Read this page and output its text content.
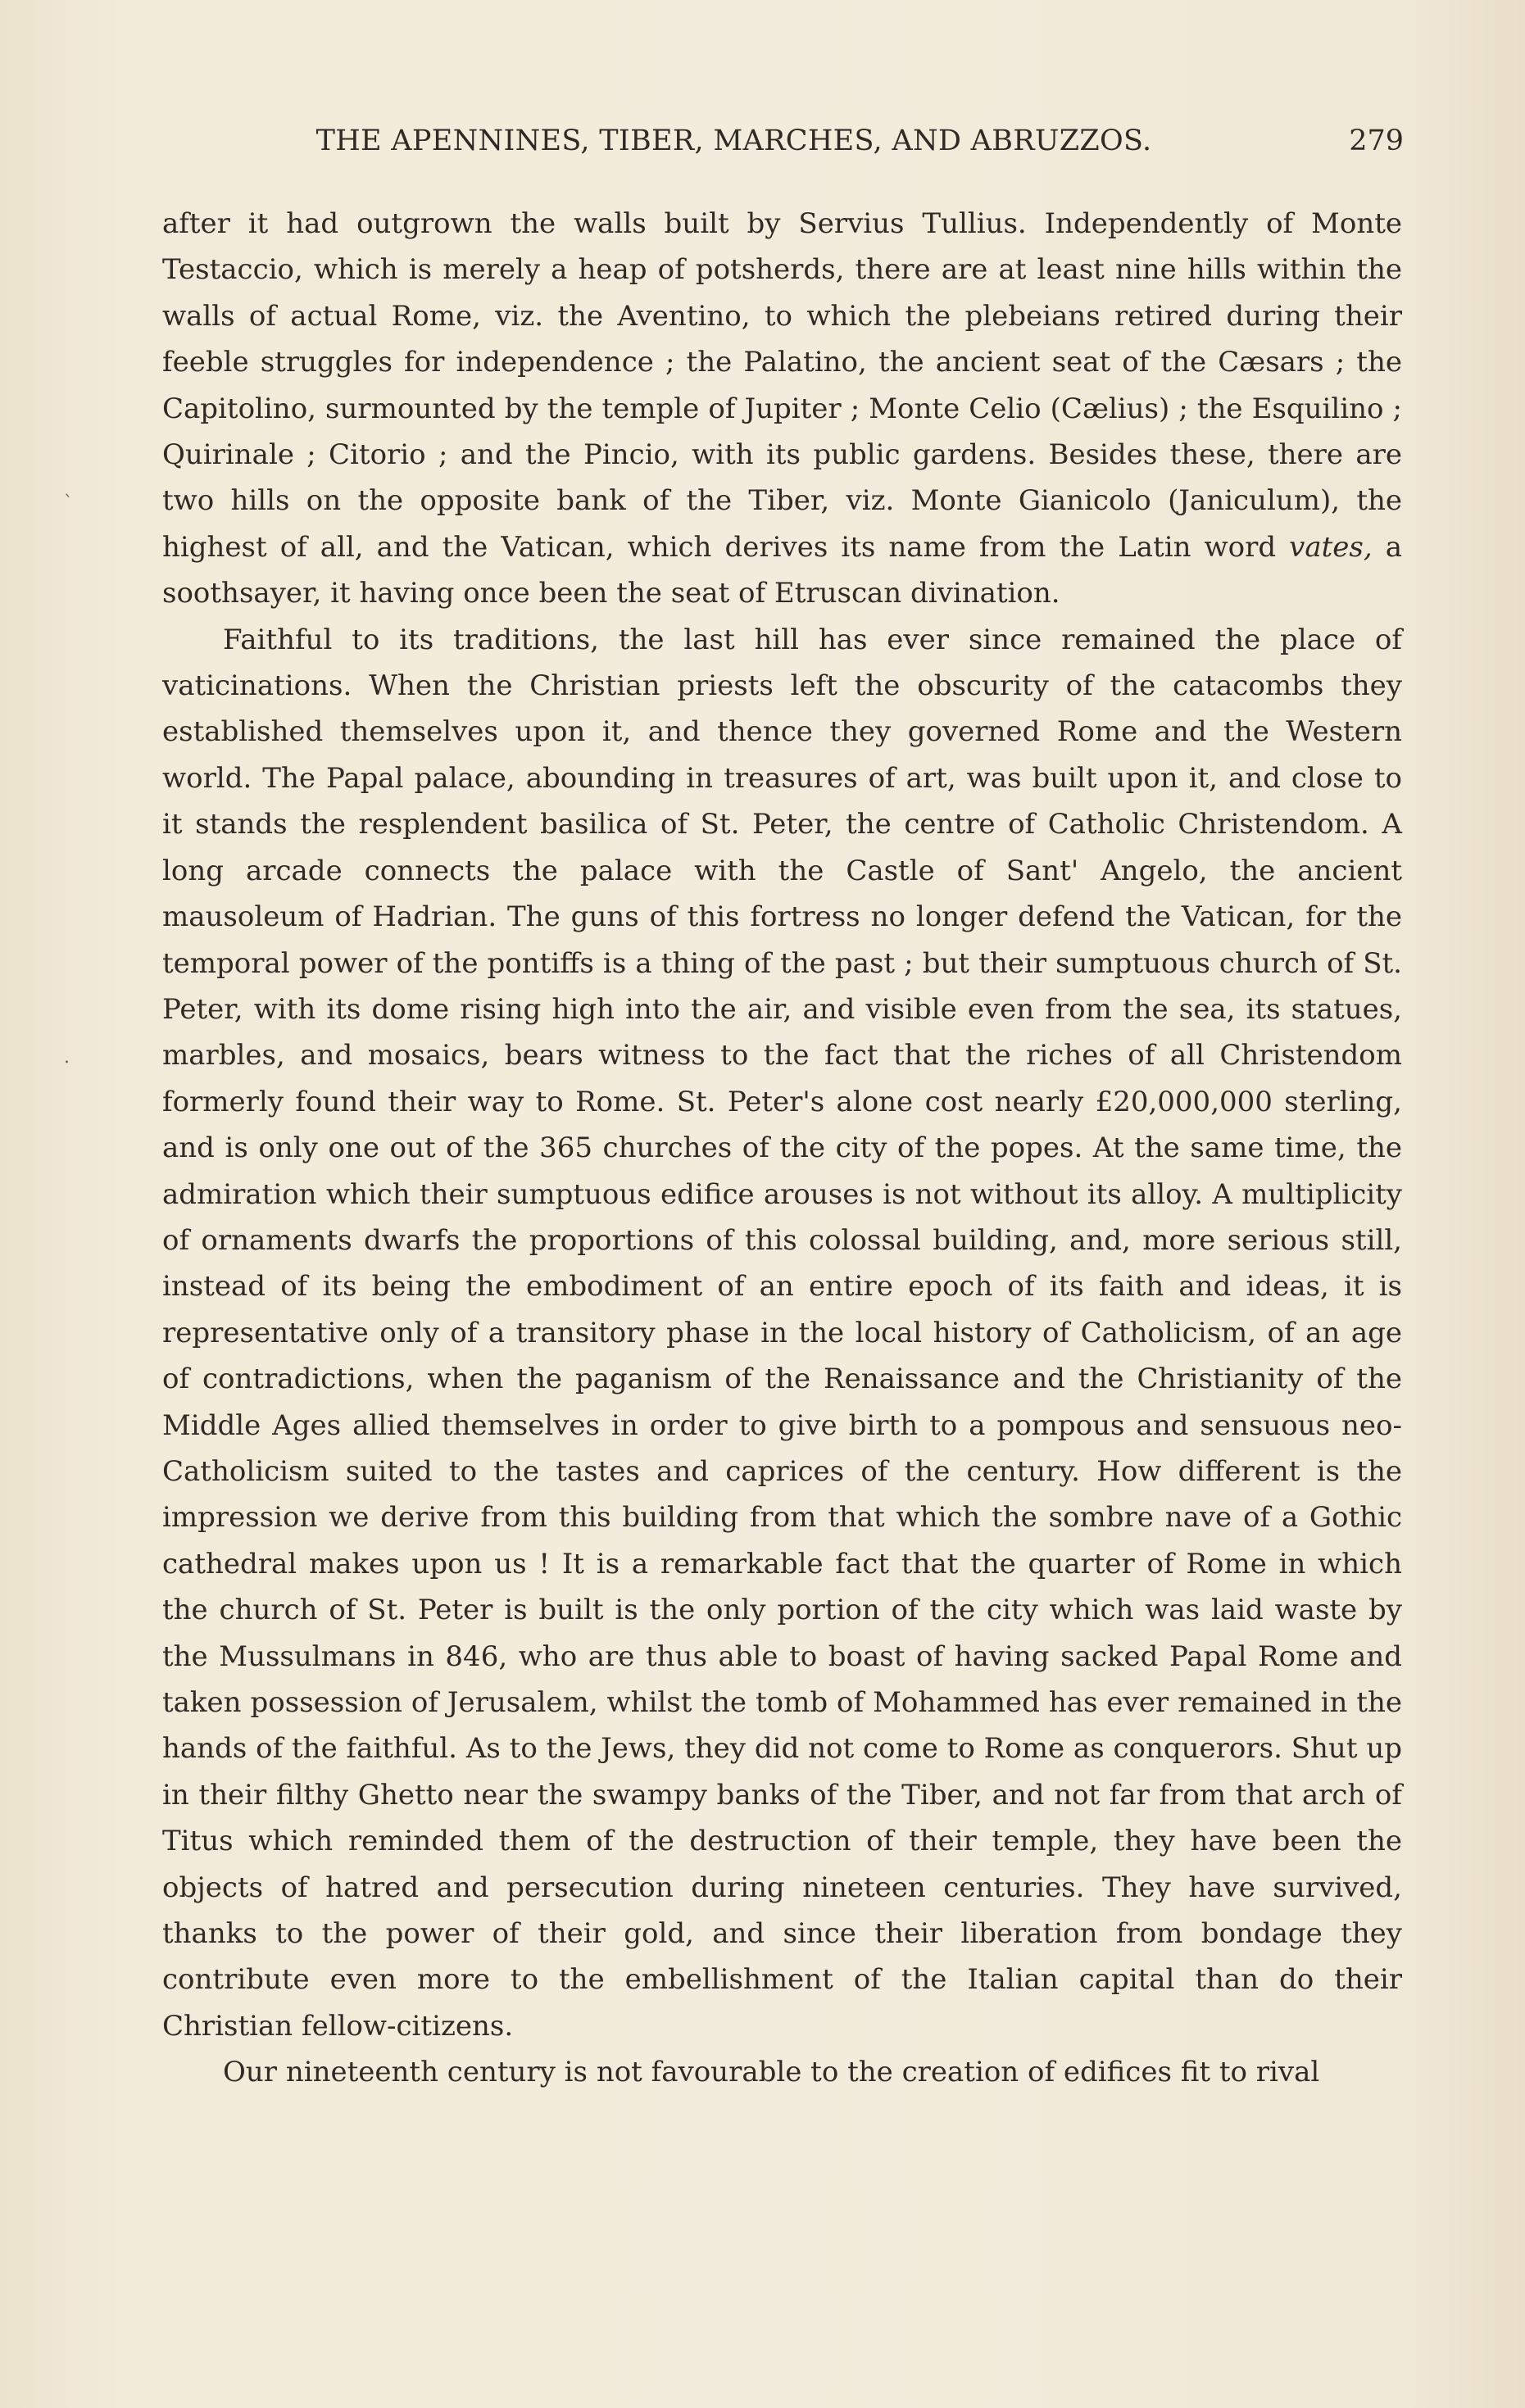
THE APENNINES, TIBER, MARCHES, AND ABRUZZOS.	279

after it had outgrown the walls built by Servius Tullius. Independently of Monte Testaccio, which is merely a heap of potsherds, there are at least nine hills within the walls of actual Rome, viz. the Aventino, to which the plebeians retired during their feeble struggles for independence ; the Palatino, the ancient seat of the Cæsars ; the Capitolino, surmounted by the temple of Jupiter ; Monte Celio (Cælius) ; the Esquilino ; Quirinale ; Citorio ; and the Pincio, with its public gardens. Besides these, there are two hills on the opposite bank of the Tiber, viz. Monte Gianicolo (Janiculum), the highest of all, and the Vatican, which derives its name from the Latin word vates, a soothsayer, it having once been the seat of Etruscan divination.

Faithful to its traditions, the last hill has ever since remained the place of vaticinations. When the Christian priests left the obscurity of the catacombs they established themselves upon it, and thence they governed Rome and the Western world. The Papal palace, abounding in treasures of art, was built upon it, and close to it stands the resplendent basilica of St. Peter, the centre of Catholic Christendom. A long arcade connects the palace with the Castle of Sant' Angelo, the ancient mausoleum of Hadrian. The guns of this fortress no longer defend the Vatican, for the temporal power of the pontiffs is a thing of the past ; but their sumptuous church of St. Peter, with its dome rising high into the air, and visible even from the sea, its statues, marbles, and mosaics, bears witness to the fact that the riches of all Christendom formerly found their way to Rome. St. Peter's alone cost nearly £20,000,000 sterling, and is only one out of the 365 churches of the city of the popes. At the same time, the admiration which their sumptuous edifice arouses is not without its alloy. A multiplicity of ornaments dwarfs the proportions of this colossal building, and, more serious still, instead of its being the embodiment of an entire epoch of its faith and ideas, it is representative only of a transitory phase in the local history of Catholicism, of an age of contradictions, when the paganism of the Renaissance and the Christianity of the Middle Ages allied themselves in order to give birth to a pompous and sensuous neo-Catholicism suited to the tastes and caprices of the century. How different is the impression we derive from this building from that which the sombre nave of a Gothic cathedral makes upon us ! It is a remarkable fact that the quarter of Rome in which the church of St. Peter is built is the only portion of the city which was laid waste by the Mussulmans in 846, who are thus able to boast of having sacked Papal Rome and taken possession of Jerusalem, whilst the tomb of Mohammed has ever remained in the hands of the faithful. As to the Jews, they did not come to Rome as conquerors. Shut up in their filthy Ghetto near the swampy banks of the Tiber, and not far from that arch of Titus which reminded them of the destruction of their temple, they have been the objects of hatred and persecution during nineteen centuries. They have survived, thanks to the power of their gold, and since their liberation from bondage they contribute even more to the embellishment of the Italian capital than do their Christian fellow-citizens.

Our nineteenth century is not favourable to the creation of edifices fit to rival

`
.
